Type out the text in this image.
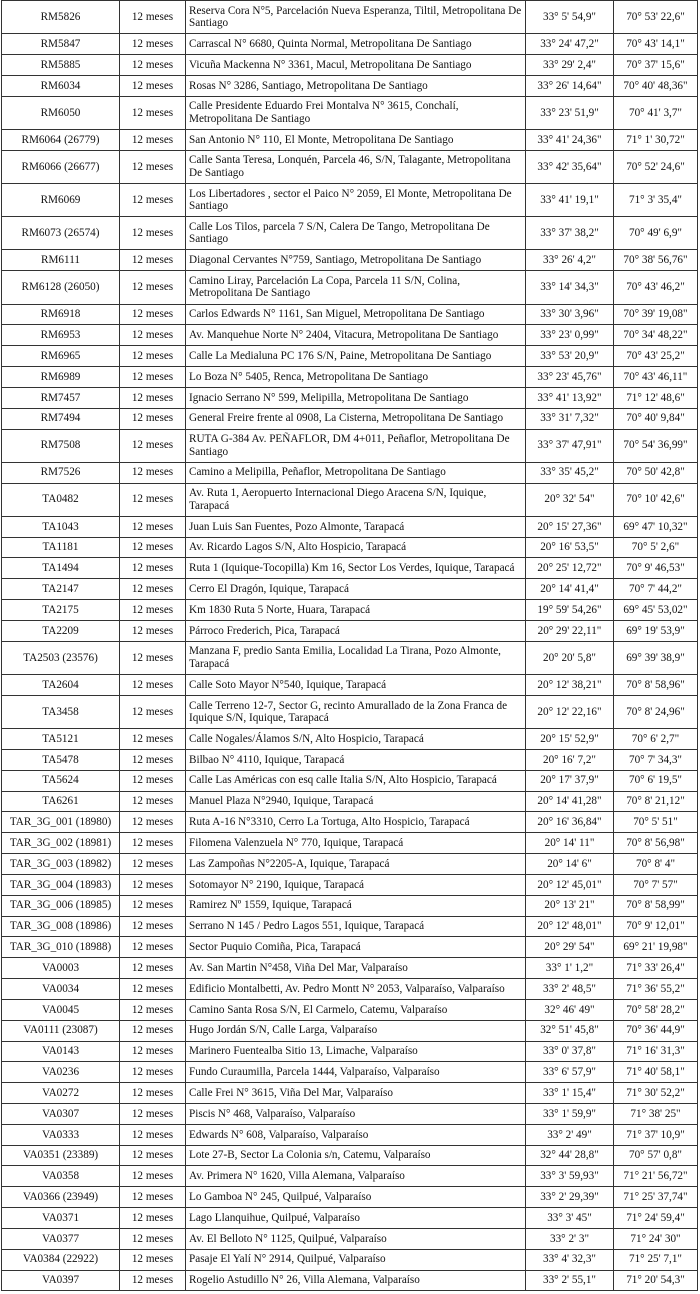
RM5826	12 meses	Reserva Cora N°5, Parcelación Nueva Esperanza, Tiltil, Metropolitana De Santiago	33° 5' 54,9"	70° 53' 22,6"
RM5847	12 meses	Carrascal N° 6680, Quinta Normal, Metropolitana De Santiago	33° 24' 47,2"	70° 43' 14,1"
RM5885	12 meses	Vicuña Mackenna N° 3361, Macul, Metropolitana De Santiago	33° 29' 2,4"	70° 37' 15,6"
RM6034	12 meses	Rosas N° 3286, Santiago, Metropolitana De Santiago	33° 26' 14,64"	70° 40' 48,36"
RM6050	12 meses	Calle Presidente Eduardo Frei Montalva N° 3615, Conchalí, Metropolitana De Santiago	33° 23' 51,9"	70° 41' 3,7"
RM6064 (26779)	12 meses	San Antonio N° 110, El Monte, Metropolitana De Santiago	33° 41' 24,36"	71° 1' 30,72"
RM6066 (26677)	12 meses	Calle Santa Teresa, Lonquén, Parcela 46, S/N, Talagante, Metropolitana De Santiago	33° 42' 35,64"	70° 52' 24,6"
RM6069	12 meses	Los Libertadores , sector el Paico N° 2059, El Monte, Metropolitana De Santiago	33° 41' 19,1"	71° 3' 35,4"
RM6073 (26574)	12 meses	Calle Los Tilos, parcela 7 S/N, Calera De Tango, Metropolitana De Santiago	33° 37' 38,2"	70° 49' 6,9"
RM6111	12 meses	Diagonal Cervantes N°759, Santiago, Metropolitana De Santiago	33° 26' 4,2"	70° 38' 56,76"
RM6128 (26050)	12 meses	Camino Liray, Parcelación La Copa, Parcela 11 S/N, Colina, Metropolitana De Santiago	33° 14' 34,3"	70° 43' 46,2"
RM6918	12 meses	Carlos Edwards N° 1161, San Miguel, Metropolitana De Santiago	33° 30' 3,96"	70° 39' 19,08"
RM6953	12 meses	Av. Manquehue Norte N° 2404, Vitacura, Metropolitana De Santiago	33° 23' 0,99"	70° 34' 48,22"
RM6965	12 meses	Calle La Medialuna PC 176 S/N, Paine, Metropolitana De Santiago	33° 53' 20,9"	70° 43' 25,2"
RM6989	12 meses	Lo Boza N° 5405, Renca, Metropolitana De Santiago	33° 23' 45,76"	70° 43' 46,11"
RM7457	12 meses	Ignacio Serrano N° 599, Melipilla, Metropolitana De Santiago	33° 41' 13,92"	71° 12' 48,6"
RM7494	12 meses	General Freire frente al 0908, La Cisterna, Metropolitana De Santiago	33° 31' 7,32"	70° 40' 9,84"
RM7508	12 meses	RUTA G-384 Av. PEÑAFLOR, DM 4+011, Peñaflor, Metropolitana De Santiago	33° 37' 47,91"	70° 54' 36,99"
RM7526	12 meses	Camino a Melipilla, Peñaflor, Metropolitana De Santiago	33° 35' 45,2"	70° 50' 42,8"
TA0482	12 meses	Av. Ruta 1, Aeropuerto Internacional Diego Aracena S/N, Iquique, Tarapacá	20° 32' 54"	70° 10' 42,6"
TA1043	12 meses	Juan Luis San Fuentes, Pozo Almonte, Tarapacá	20° 15' 27,36"	69° 47' 10,32"
TA1181	12 meses	Av. Ricardo Lagos S/N, Alto Hospicio, Tarapacá	20° 16' 53,5"	70° 5' 2,6"
TA1494	12 meses	Ruta 1 (Iquique-Tocopilla) Km 16, Sector Los Verdes, Iquique, Tarapacá	20° 25' 12,72"	70° 9' 46,53"
TA2147	12 meses	Cerro El Dragón, Iquique, Tarapacá	20° 14' 41,4"	70° 7' 44,2"
TA2175	12 meses	Km 1830 Ruta 5 Norte, Huara, Tarapacá	19° 59' 54,26"	69° 45' 53,02"
TA2209	12 meses	Párroco Frederich, Pica, Tarapacá	20° 29' 22,11"	69° 19' 53,9"
TA2503 (23576)	12 meses	Manzana F, predio Santa Emilia, Localidad La Tirana, Pozo Almonte, Tarapacá	20° 20' 5,8"	69° 39' 38,9"
TA2604	12 meses	Calle Soto Mayor N°540, Iquique, Tarapacá	20° 12' 38,21"	70° 8' 58,96"
TA3458	12 meses	Calle Terreno 12-7, Sector G, recinto Amurallado de la Zona Franca de Iquique S/N, Iquique, Tarapacá	20° 12' 22,16"	70° 8' 24,96"
TA5121	12 meses	Calle Nogales/Álamos S/N, Alto Hospicio, Tarapacá	20° 15' 52,9"	70° 6' 2,7"
TA5478	12 meses	Bilbao N° 4110, Iquique, Tarapacá	20° 16' 7,2"	70° 7' 34,3"
TA5624	12 meses	Calle Las Américas con esq calle Italia S/N, Alto Hospicio, Tarapacá	20° 17' 37,9"	70° 6' 19,5"
TA6261	12 meses	Manuel Plaza N°2940, Iquique, Tarapacá	20° 14' 41,28"	70° 8' 21,12"
TAR_3G_001 (18980)	12 meses	Ruta A-16 N°3310, Cerro La Tortuga, Alto Hospicio, Tarapacá	20° 16' 36,84"	70° 5' 51"
TAR_3G_002 (18981)	12 meses	Filomena Valenzuela N° 770, Iquique, Tarapacá	20° 14' 11"	70° 8' 56,98"
TAR_3G_003 (18982)	12 meses	Las Zampoñas N°2205-A, Iquique, Tarapacá	20° 14' 6"	70° 8' 4"
TAR_3G_004 (18983)	12 meses	Sotomayor N° 2190, Iquique, Tarapacá	20° 12' 45,01"	70° 7' 57"
TAR_3G_006 (18985)	12 meses	Ramirez Nº 1559, Iquique, Tarapacá	20° 13' 21"	70° 8' 58,99"
TAR_3G_008 (18986)	12 meses	Serrano N 145 / Pedro Lagos 551, Iquique, Tarapacá	20° 12' 48,01"	70° 9' 12,01"
TAR_3G_010 (18988)	12 meses	Sector Puquio Comiña, Pica, Tarapacá	20° 29' 54"	69° 21' 19,98"
VA0003	12 meses	Av. San Martin N°458, Viña Del Mar, Valparaíso	33° 1' 1,2"	71° 33' 26,4"
VA0034	12 meses	Edificio Montalbetti, Av. Pedro Montt N° 2053, Valparaíso, Valparaíso	33° 2' 48,5"	71° 36' 55,2"
VA0045	12 meses	Camino Santa Rosa S/N, El Carmelo, Catemu, Valparaíso	32° 46' 49"	70° 58' 28,2"
VA0111 (23087)	12 meses	Hugo Jordán S/N, Calle Larga, Valparaíso	32° 51' 45,8"	70° 36' 44,9"
VA0143	12 meses	Marinero Fuentealba Sitio 13, Limache, Valparaíso	33° 0' 37,8"	71° 16' 31,3"
VA0236	12 meses	Fundo Curaumilla, Parcela 1444, Valparaíso, Valparaíso	33° 6' 57,9"	71° 40' 58,1"
VA0272	12 meses	Calle Frei N° 3615, Viña Del Mar, Valparaíso	33° 1' 15,4"	71° 30' 52,2"
VA0307	12 meses	Piscis N° 468, Valparaíso, Valparaíso	33° 1' 59,9"	71° 38' 25"
VA0333	12 meses	Edwards N° 608, Valparaíso, Valparaíso	33° 2' 49"	71° 37' 10,9"
VA0351 (23389)	12 meses	Lote 27-B, Sector La Colonia s/n, Catemu, Valparaíso	32° 44' 28,8"	70° 57' 0,8"
VA0358	12 meses	Av. Primera N° 1620, Villa Alemana, Valparaíso	33° 3' 59,93"	71° 21' 56,72"
VA0366 (23949)	12 meses	Lo Gamboa N° 245, Quilpué, Valparaíso	33° 2' 29,39"	71° 25' 37,74"
VA0371	12 meses	Lago Llanquihue, Quilpué, Valparaíso	33° 3' 45"	71° 24' 59,4"
VA0377	12 meses	Av. El Belloto N° 1125, Quilpué, Valparaíso	33° 2' 3"	71° 24' 30"
VA0384 (22922)	12 meses	Pasaje El Yalí N° 2914, Quilpué, Valparaíso	33° 4' 32,3"	71° 25' 7,1"
VA0397	12 meses	Rogelio Astudillo N° 26, Villa Alemana, Valparaíso	33° 2' 55,1"	71° 20' 54,3"
